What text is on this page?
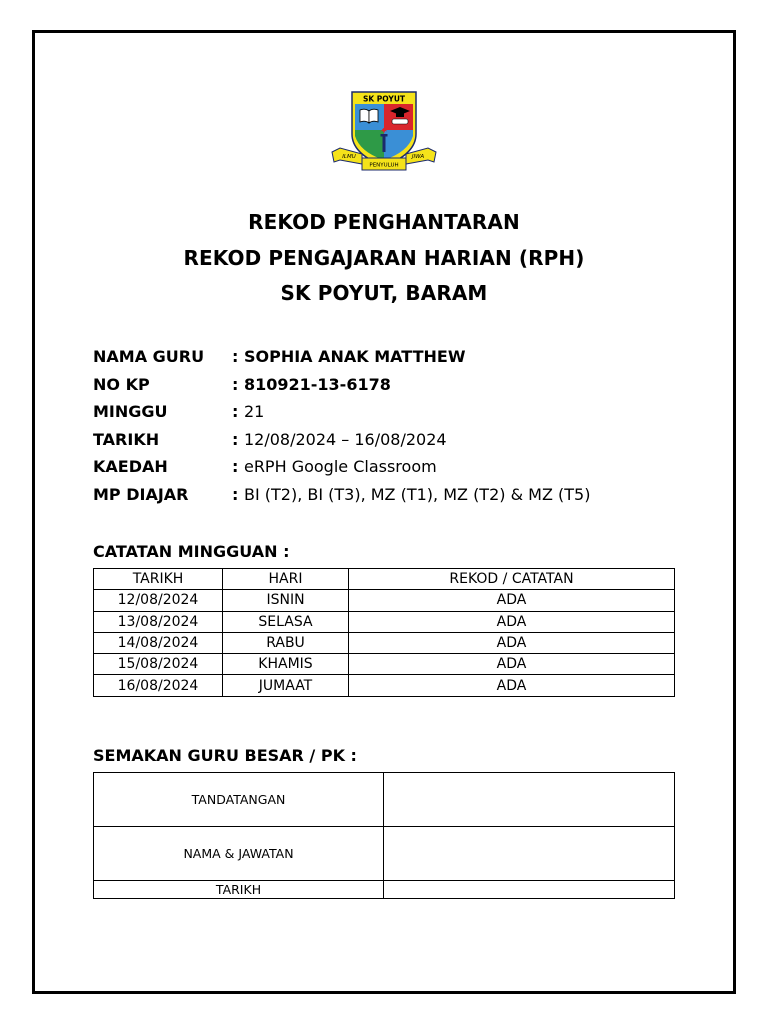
SK POYUT
ILMU
PENYULUH
JIWA
REKOD PENGHANTARAN
REKOD PENGAJARAN HARIAN (RPH)
SK POYUT, BARAM
NAMA GURU : SOPHIA ANAK MATTHEW
NO KP	: 810921-13-6178
MINGGU	: 21
TARIKH	: 12/08/2024 – 16/08/2024
KAEDAH	: eRPH Google Classroom
MP DIAJAR	: BI (T2), BI (T3), MZ (T1), MZ (T2) & MZ (T5)
CATATAN MINGGUAN :
TARIKH	HARI	REKOD / CATATAN
12/08/2024	ISNIN	ADA
13/08/2024	SELASA	ADA
14/08/2024	RABU	ADA
15/08/2024	KHAMIS	ADA
16/08/2024	JUMAAT	ADA
SEMAKAN GURU BESAR / PK :
TANDATANGAN	
NAMA & JAWATAN	
TARIKH	
